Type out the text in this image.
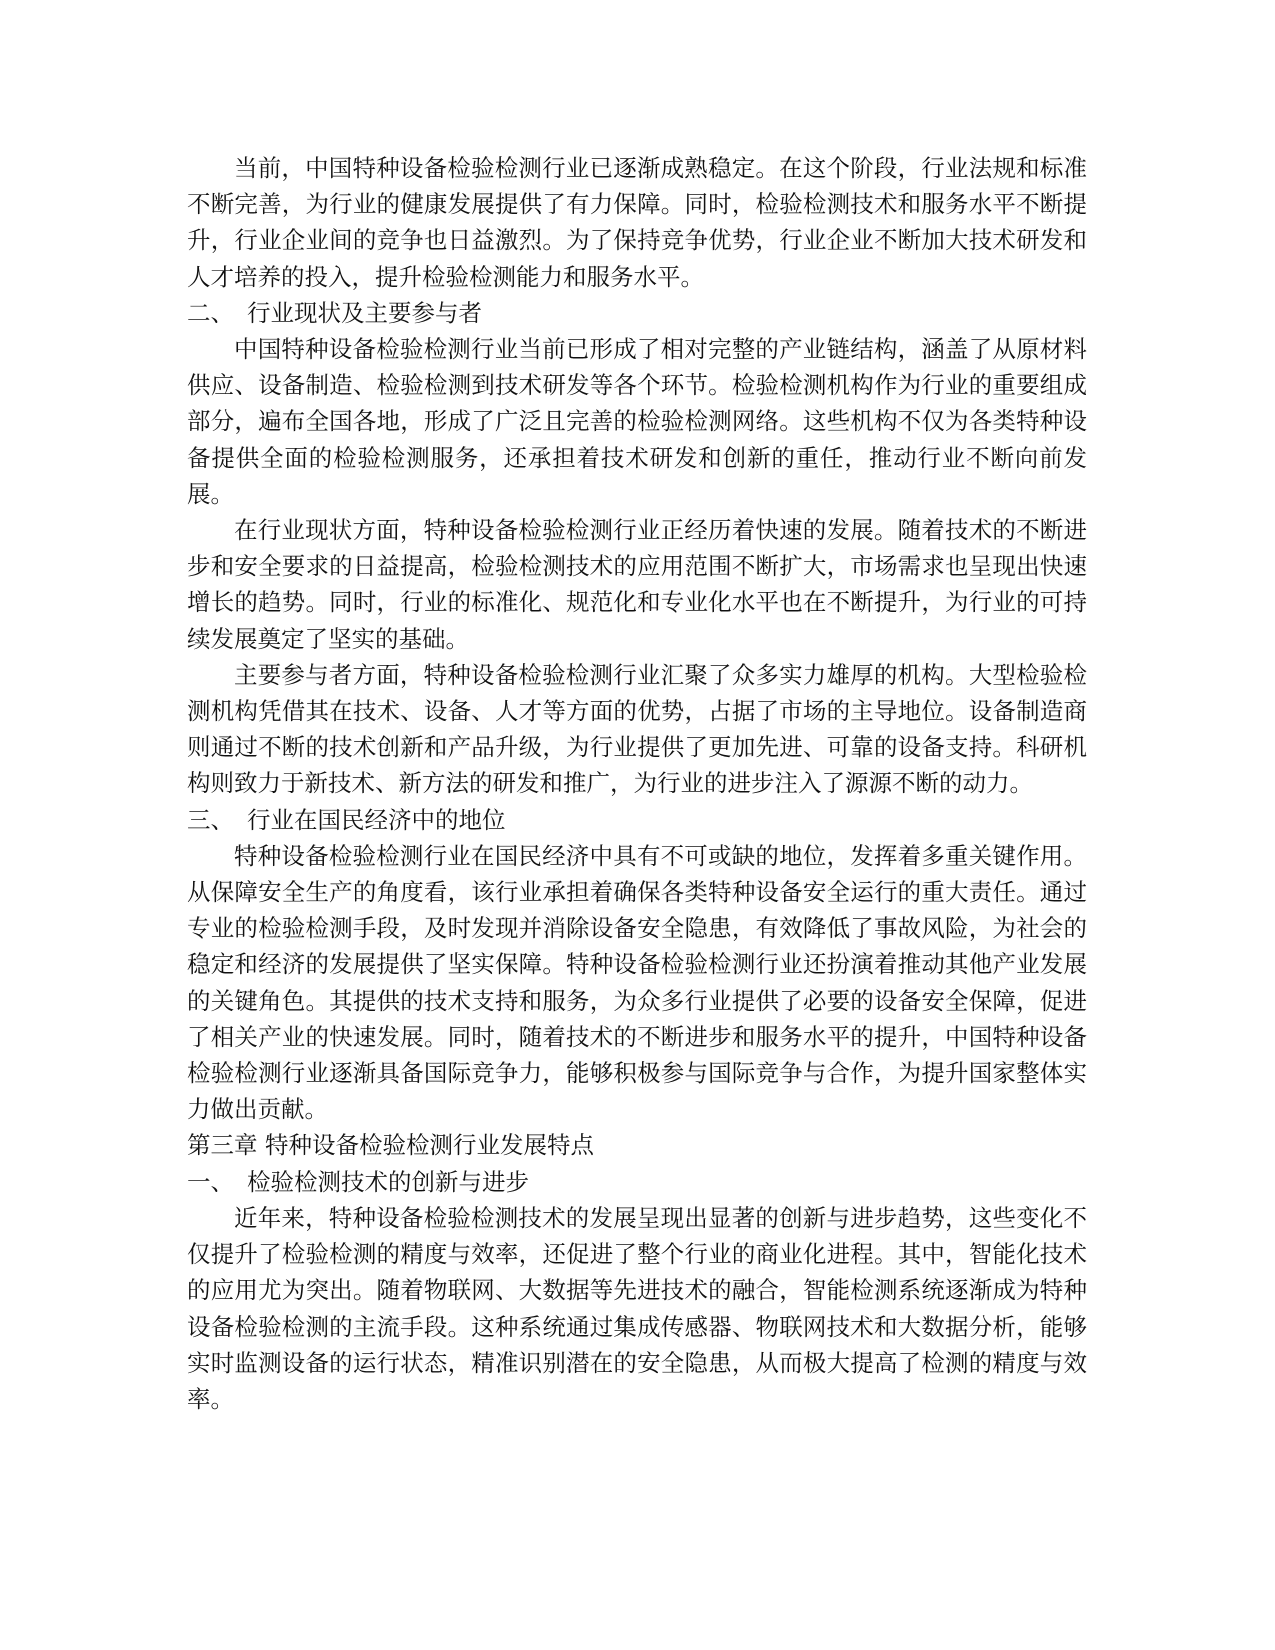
当前，中国特种设备检验检测行业已逐渐成熟稳定。在这个阶段，行业法规和标准不断完善，为行业的健康发展提供了有力保障。同时，检验检测技术和服务水平不断提升，行业企业间的竞争也日益激烈。为了保持竞争优势，行业企业不断加大技术研发和人才培养的投入，提升检验检测能力和服务水平。

二、 行业现状及主要参与者

中国特种设备检验检测行业当前已形成了相对完整的产业链结构，涵盖了从原材料供应、设备制造、检验检测到技术研发等各个环节。检验检测机构作为行业的重要组成部分，遍布全国各地，形成了广泛且完善的检验检测网络。这些机构不仅为各类特种设备提供全面的检验检测服务，还承担着技术研发和创新的重任，推动行业不断向前发展。

在行业现状方面，特种设备检验检测行业正经历着快速的发展。随着技术的不断进步和安全要求的日益提高，检验检测技术的应用范围不断扩大，市场需求也呈现出快速增长的趋势。同时，行业的标准化、规范化和专业化水平也在不断提升，为行业的可持续发展奠定了坚实的基础。

主要参与者方面，特种设备检验检测行业汇聚了众多实力雄厚的机构。大型检验检测机构凭借其在技术、设备、人才等方面的优势，占据了市场的主导地位。设备制造商则通过不断的技术创新和产品升级，为行业提供了更加先进、可靠的设备支持。科研机构则致力于新技术、新方法的研发和推广，为行业的进步注入了源源不断的动力。

三、 行业在国民经济中的地位

特种设备检验检测行业在国民经济中具有不可或缺的地位，发挥着多重关键作用。从保障安全生产的角度看，该行业承担着确保各类特种设备安全运行的重大责任。通过专业的检验检测手段，及时发现并消除设备安全隐患，有效降低了事故风险，为社会的稳定和经济的发展提供了坚实保障。特种设备检验检测行业还扮演着推动其他产业发展的关键角色。其提供的技术支持和服务，为众多行业提供了必要的设备安全保障，促进了相关产业的快速发展。同时，随着技术的不断进步和服务水平的提升，中国特种设备检验检测行业逐渐具备国际竞争力，能够积极参与国际竞争与合作，为提升国家整体实力做出贡献。

第三章 特种设备检验检测行业发展特点

一、 检验检测技术的创新与进步

近年来，特种设备检验检测技术的发展呈现出显著的创新与进步趋势，这些变化不仅提升了检验检测的精度与效率，还促进了整个行业的商业化进程。其中，智能化技术的应用尤为突出。随着物联网、大数据等先进技术的融合，智能检测系统逐渐成为特种设备检验检测的主流手段。这种系统通过集成传感器、物联网技术和大数据分析，能够实时监测设备的运行状态，精准识别潜在的安全隐患，从而极大提高了检测的精度与效率。
